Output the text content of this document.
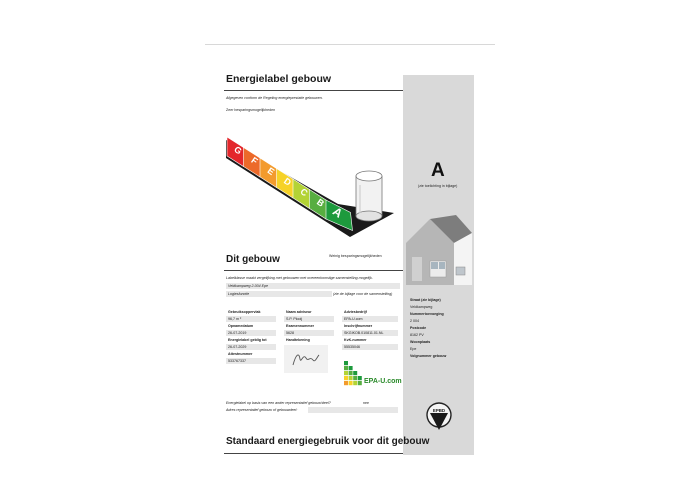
Energielabel gebouw
Afgegeven conform de Regeling energieprestatie gebouwen.
Zeer besparingsmogelijkheden
G
F
E
D
C
B
A
Weinig besparingsmogelijkheden
A
(zie toelichting in bijlage)
Dit gebouw
Labelklasse maakt vergelijking met gebouwen met overeenkomstige samenstelling mogelijk.
Veldkampweg 2-004 Epe
Logiesfunctie	(zie de bijlage voor de samenstelling)
Gebruiksoppervlak
96,7 m ²
Opnamedatum
26-07-2019
Energielabel geldig tot
26-07-2029
Attestnummer
533767337
Naam adviseur
S.P. Plooij
Examennummer
5628
Handtekening
Adviesbedrijf
EPA-U.com
Inschrijfnummer
SKGIKOB.010811.01.NL
KvK-nummer
55535046
EPA-U.com
Straat (zie bijlage)
Veldkampweg
Nummertoevoeging
2 004
Postcode
8162 PV
Woonplaats
Epe
Volgnummer gebouw
Energielabel op basis van een ander representatief gebouw/deel?	nee
Adres representatief gebouw of gebouwdeel:	EPBD
Standaard energiegebruik voor dit gebouw
